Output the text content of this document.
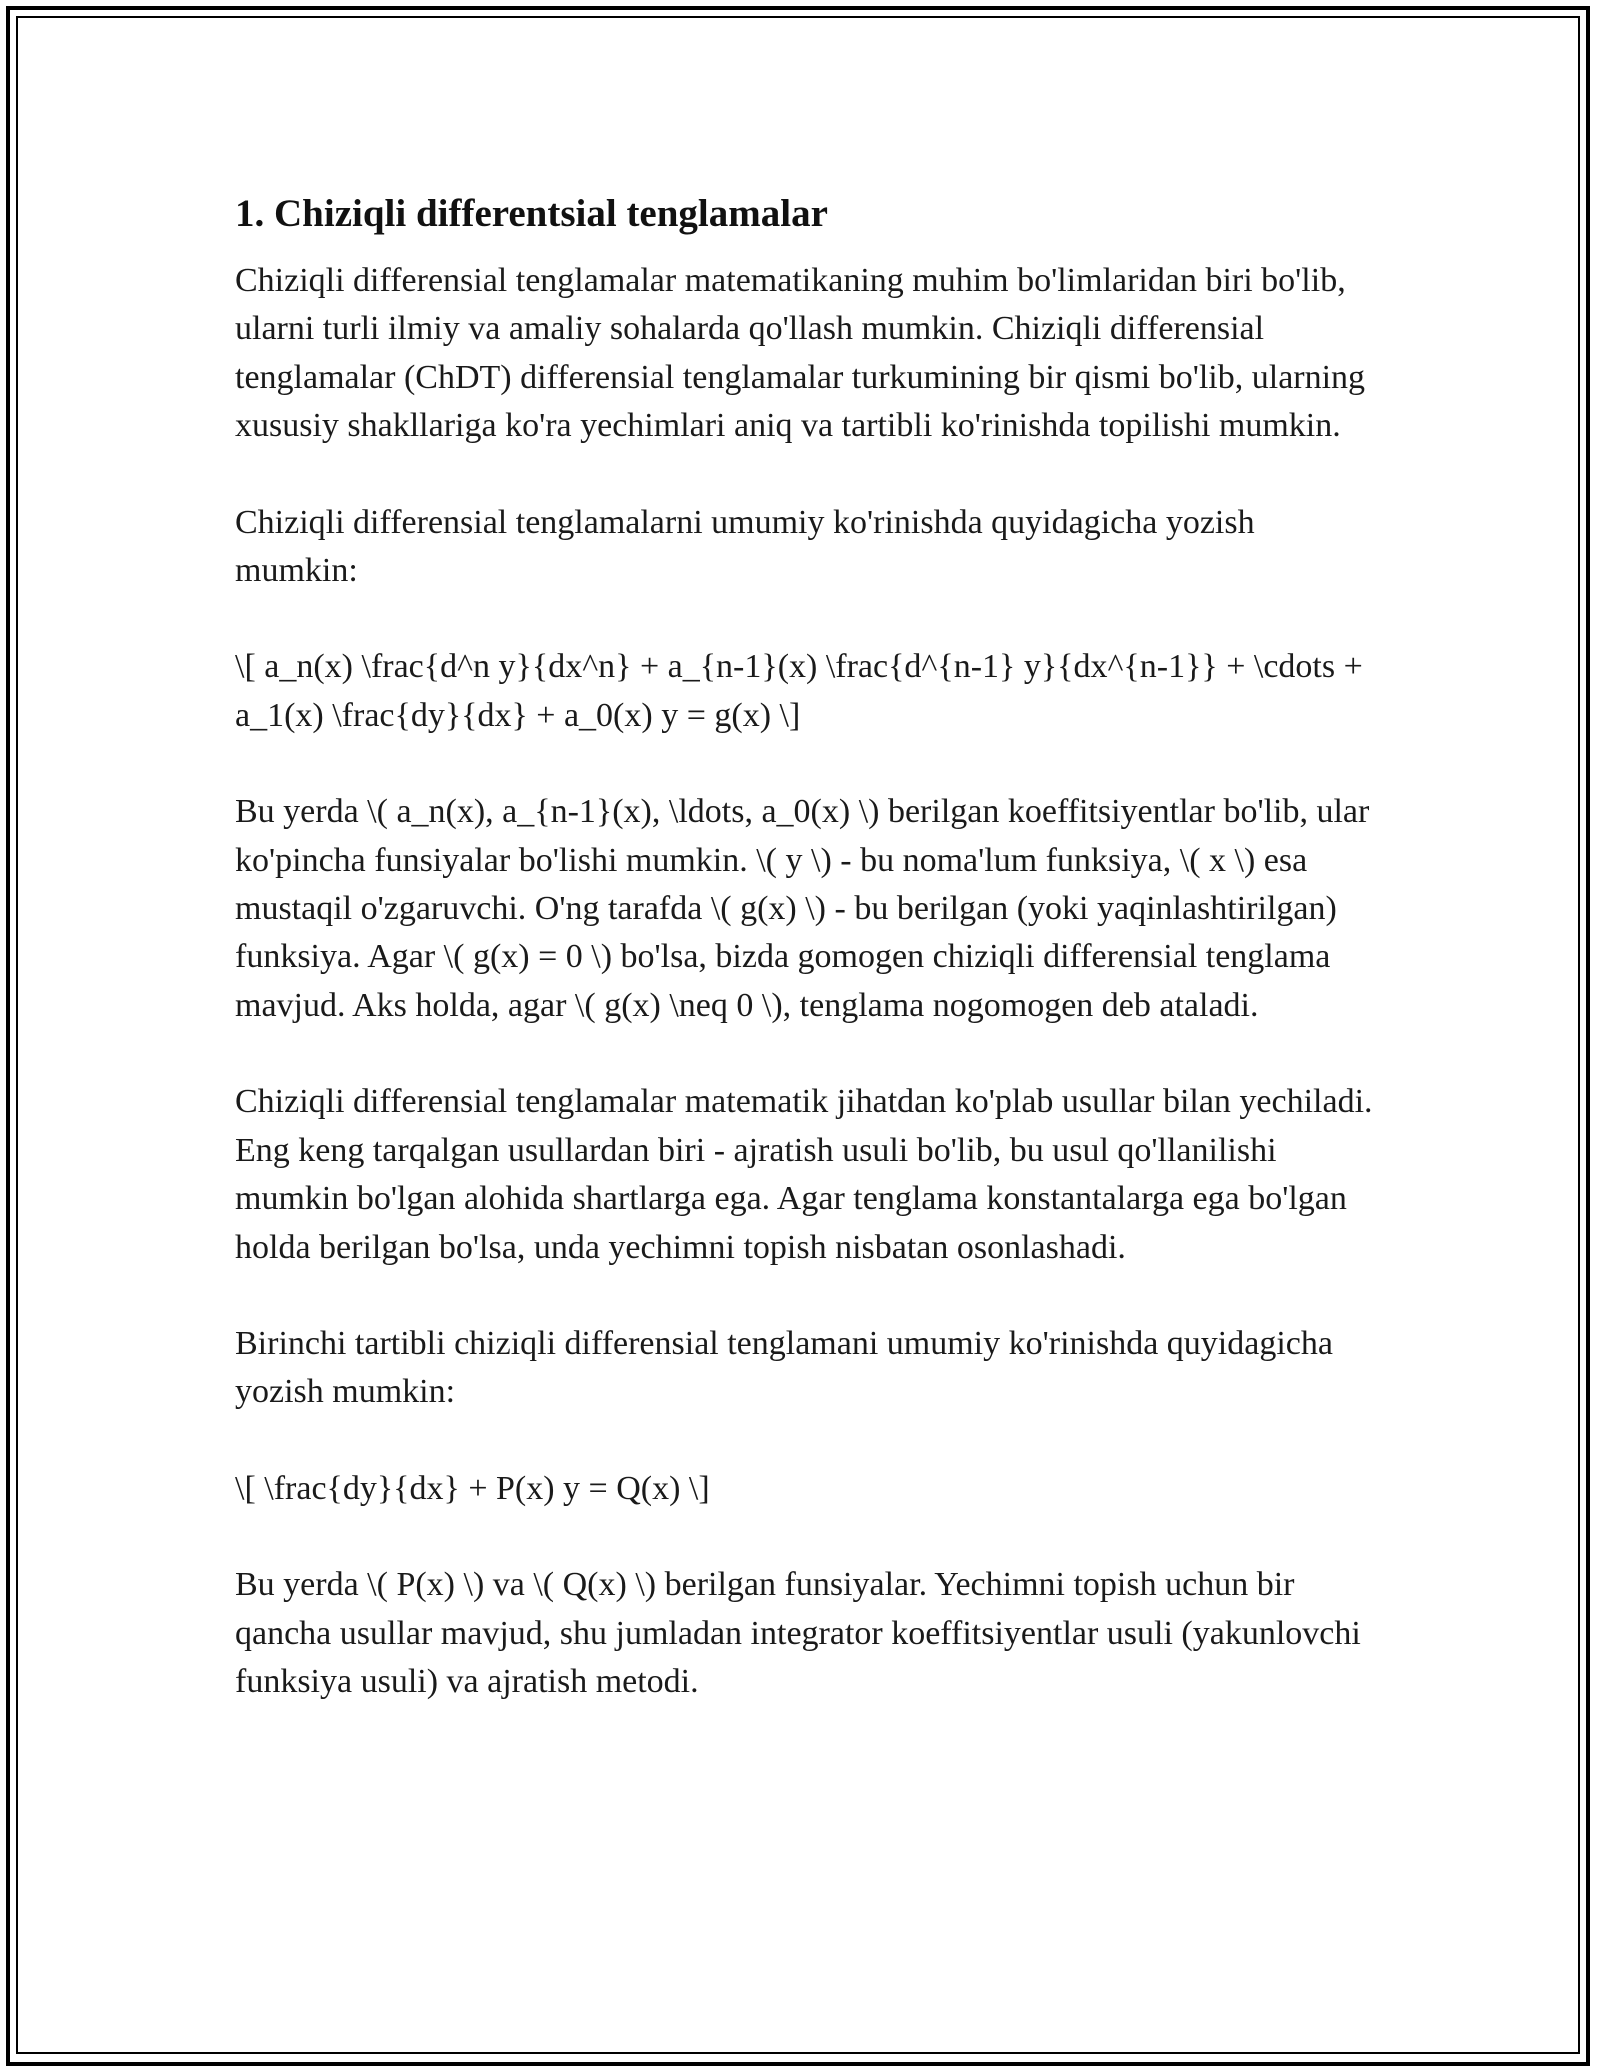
1. Chiziqli differentsial tenglamalar

Chiziqli differensial tenglamalar matematikaning muhim bo'limlaridan biri bo'lib, ularni turli ilmiy va amaliy sohalarda qo'llash mumkin. Chiziqli differensial tenglamalar (ChDT) differensial tenglamalar turkumining bir qismi bo'lib, ularning xususiy shakllariga ko'ra yechimlari aniq va tartibli ko'rinishda topilishi mumkin.

Chiziqli differensial tenglamalarni umumiy ko'rinishda quyidagicha yozish mumkin:

\[ a_n(x) \frac{d^n y}{dx^n} + a_{n-1}(x) \frac{d^{n-1} y}{dx^{n-1}} + \cdots + a_1(x) \frac{dy}{dx} + a_0(x) y = g(x) \]

Bu yerda \( a_n(x), a_{n-1}(x), \ldots, a_0(x) \) berilgan koeffitsiyentlar bo'lib, ular ko'pincha funsiyalar bo'lishi mumkin. \( y \) - bu noma'lum funksiya, \( x \) esa mustaqil o'zgaruvchi. O'ng tarafda \( g(x) \) - bu berilgan (yoki yaqinlashtirilgan) funksiya. Agar \( g(x) = 0 \) bo'lsa, bizda gomogen chiziqli differensial tenglama mavjud. Aks holda, agar \( g(x) \neq 0 \), tenglama nogomogen deb ataladi.

Chiziqli differensial tenglamalar matematik jihatdan ko'plab usullar bilan yechiladi. Eng keng tarqalgan usullardan biri - ajratish usuli bo'lib, bu usul qo'llanilishi mumkin bo'lgan alohida shartlarga ega. Agar tenglama konstantalarga ega bo'lgan holda berilgan bo'lsa, unda yechimni topish nisbatan osonlashadi.

Birinchi tartibli chiziqli differensial tenglamani umumiy ko'rinishda quyidagicha yozish mumkin:

\[ \frac{dy}{dx} + P(x) y = Q(x) \]

Bu yerda \( P(x) \) va \( Q(x) \) berilgan funsiyalar. Yechimni topish uchun bir qancha usullar mavjud, shu jumladan integrator koeffitsiyentlar usuli (yakunlovchi funksiya usuli) va ajratish metodi.
